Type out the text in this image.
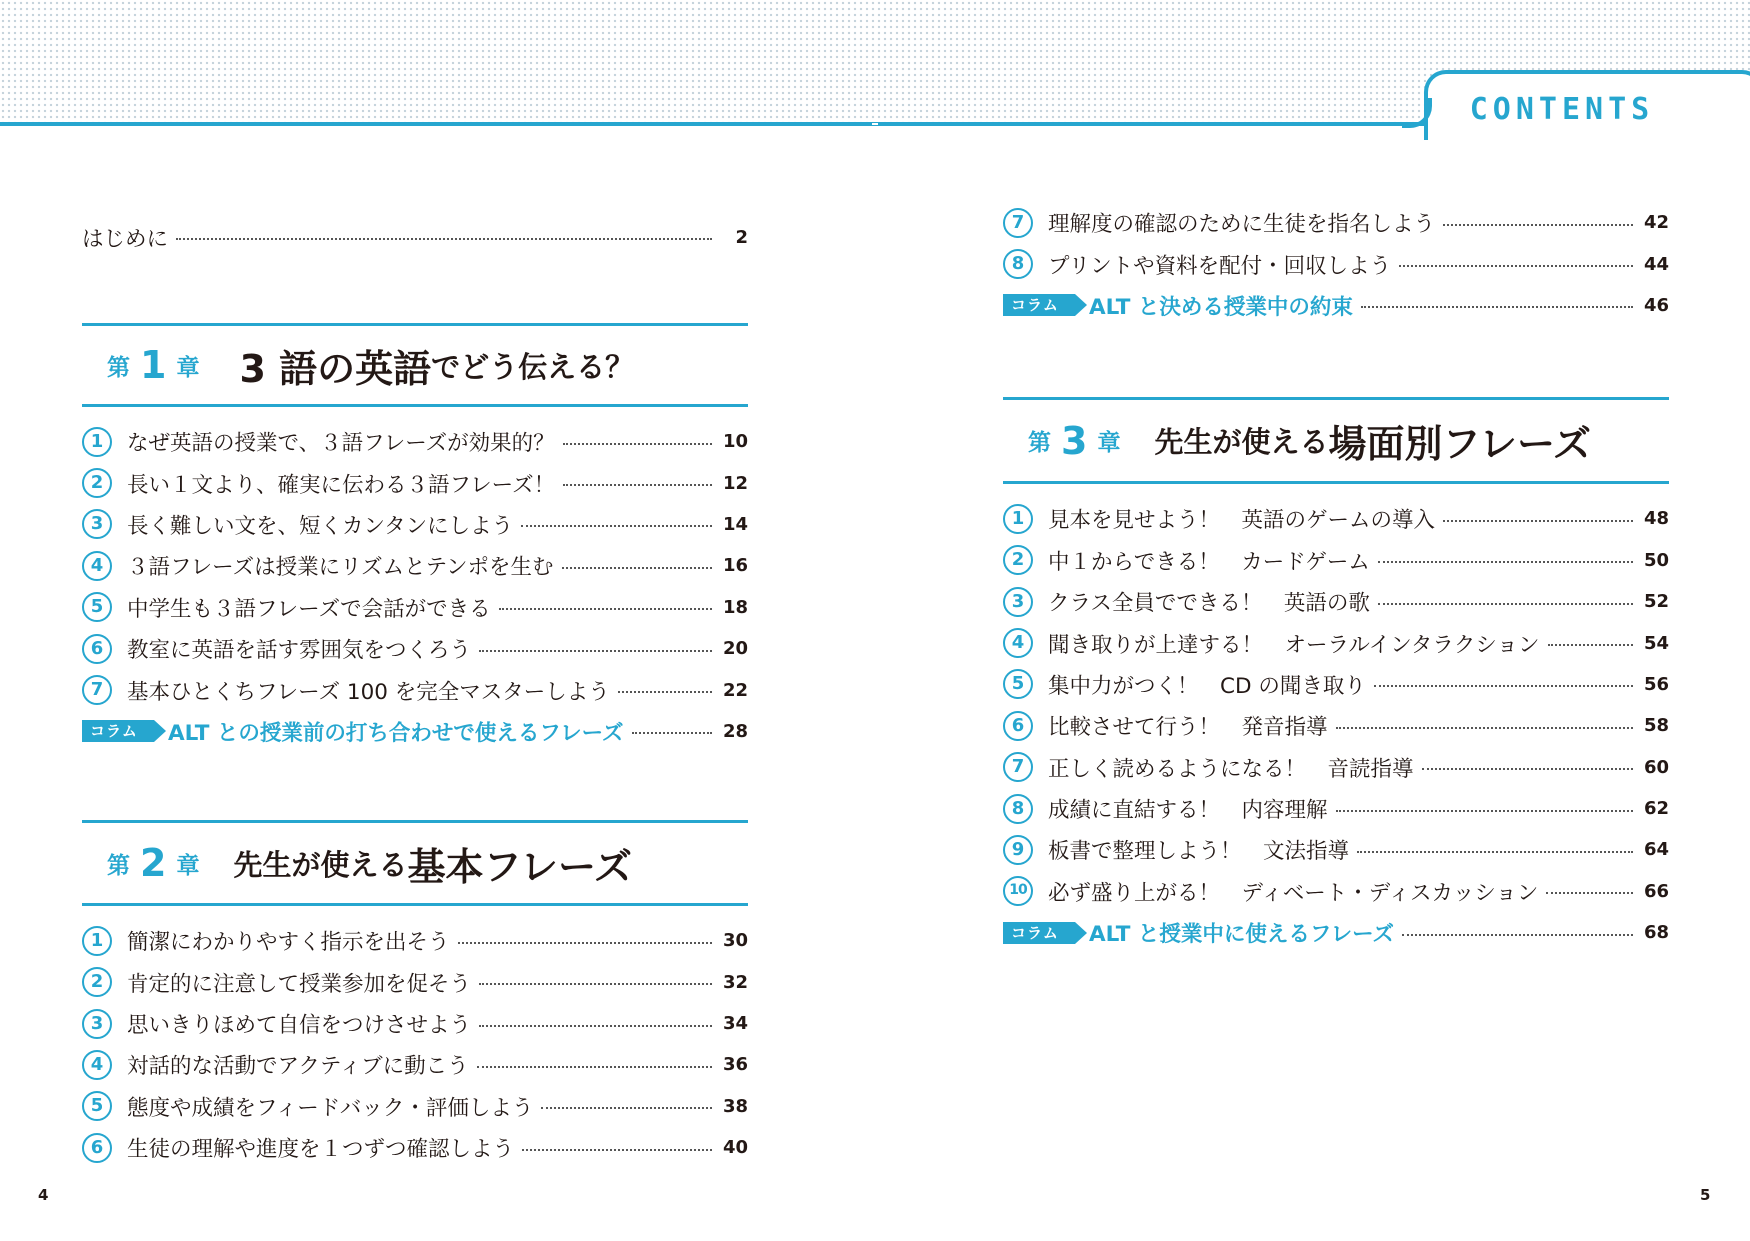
CONTENTS
はじめに	2
第 1 章 3 語の英語 でどう伝える？
1	なぜ英語の授業で、３語フレーズが効果的？	10
2	長い１文より、確実に伝わる３語フレーズ！	12
3	長く難しい文を、短くカンタンにしよう	14
4	３語フレーズは授業にリズムとテンポを生む	16
5	中学生も３語フレーズで会話ができる	18
6	教室に英語を話す雰囲気をつくろう	20
7	基本ひとくちフレーズ 100 を完全マスターしよう	22
コラム	ALT との授業前の打ち合わせで使えるフレーズ	28
第 2 章 先生が使える 基本フレーズ
1	簡潔にわかりやすく指示を出そう	30
2	肯定的に注意して授業参加を促そう	32
3	思いきりほめて自信をつけさせよう	34
4	対話的な活動でアクティブに動こう	36
5	態度や成績をフィードバック・評価しよう	38
6	生徒の理解や進度を１つずつ確認しよう	40
7	理解度の確認のために生徒を指名しよう	42
8	プリントや資料を配付・回収しよう	44
コラム	ALT と決める授業中の約束	46
第 3 章 先生が使える 場面別フレーズ
1	見本を見せよう！　英語のゲームの導入	48
2	中１からできる！　カードゲーム	50
3	クラス全員でできる！　英語の歌	52
4	聞き取りが上達する！　オーラルインタラクション	54
5	集中力がつく！　CD の聞き取り	56
6	比較させて行う！　発音指導	58
7	正しく読めるようになる！　音読指導	60
8	成績に直結する！　内容理解	62
9	板書で整理しよう！　文法指導	64
10 必ず盛り上がる！　ディベート・ディスカッション	66
コラム	ALT と授業中に使えるフレーズ	68
4	5
